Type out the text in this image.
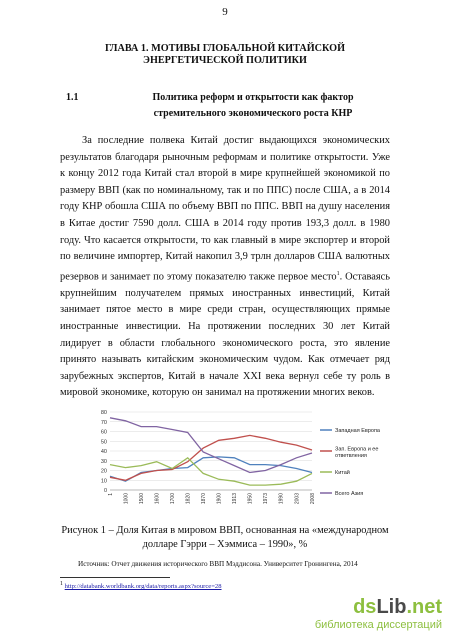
9
ГЛАВА 1. МОТИВЫ ГЛОБАЛЬНОЙ КИТАЙСКОЙ ЭНЕРГЕТИЧЕСКОЙ ПОЛИТИКИ
1.1	Политика реформ и открытости как фактор стремительного экономического роста КНР

За последние полвека Китай достиг выдающихся экономических результатов благодаря рыночным реформам и политике открытости. Уже к концу 2012 года Китай стал второй в мире крупнейшей экономикой по размеру ВВП (как по номинальному, так и по ППС) после США, а в 2014 году КНР обошла США по объему ВВП по ППС. ВВП на душу населения в Китае достиг 7590 долл. США в 2014 году против 193,3 долл. в 1980 году. Что касается открытости, то как главный в мире экспортер и второй по величине импортер, Китай накопил 3,9 трлн долларов США валютных резервов и занимает по этому показателю также первое место$^1$. Оставаясь крупнейшим получателем прямых иностранных инвестиций, Китай занимает пятое место в мире среди стран, осуществляющих прямые иностранные инвестиции. На протяжении последних 30 лет Китай лидирует в области глобального экономического роста, это явление принято называть китайским экономическим чудом. Как отмечает ряд зарубежных экспертов, Китай в начале XXI века вернул себе ту роль в мировой экономике, которую он занимал на протяжении многих веков.

0
10
20
30
40
50
60
70
80
1 1000 1500 1600 1700 1820 1870 1900 1913 1950 1973 1990 2003 2008
Западная Европа
Зап. Европа и ее ответвления
Китай
Всего Азия
Рисунок 1 – Доля Китая в мировом ВВП, основанная на «международном долларе Гэрри – Хэммиса – 1990», %
Источник: Отчет движения исторического ВВП Мэддисона. Университет Гронингена, 2014
$^1$ http://databank.worldbank.org/data/reports.aspx?source=28
dsLib.net
библиотека диссертаций
